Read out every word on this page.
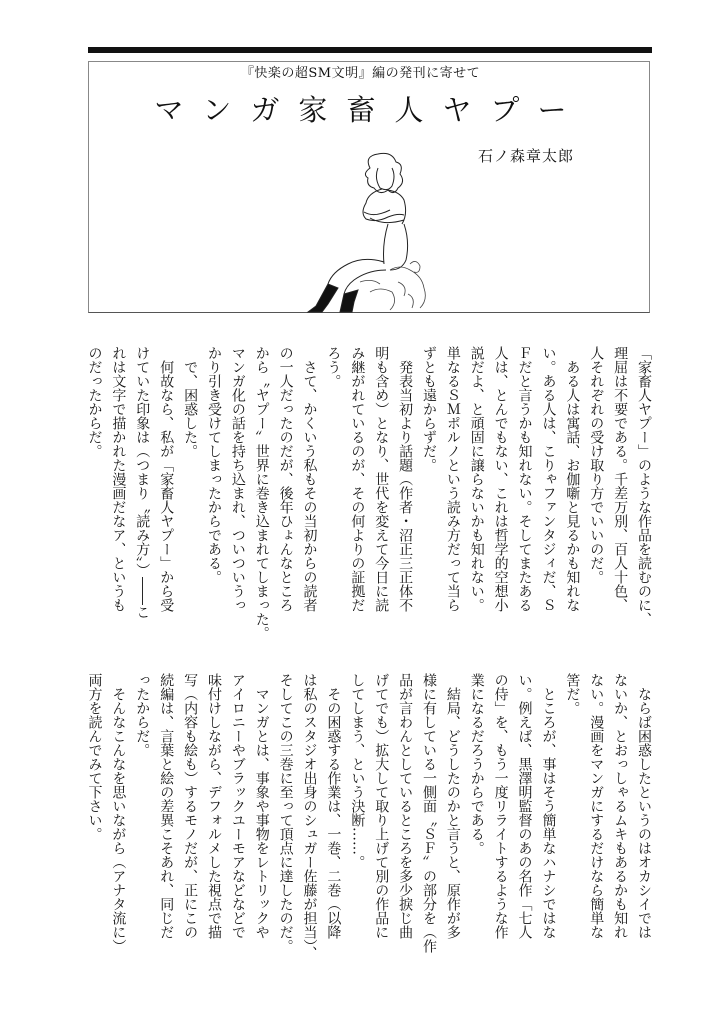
『快楽の超SM文明』編の発刊に寄せて
マンガ家畜人ヤプー
石ノ森章太郎
「家畜人ヤプー」のような作品を読むのに、
理屈は不要である。千差万別、百人十色、
人それぞれの受け取り方でいいのだ。
　ある人は寓話、お伽噺と見るかも知れな
い。ある人は、こりゃファンタジィだ、Ｓ
Ｆだと言うかも知れない。そしてまたある
人は、とんでもない、これは哲学的空想小
説だよ、と頑固に譲らないかも知れない。
単なるＳＭポルノという読み方だって当ら
ずとも遠からずだ。
　発表当初より話題（作者・沼正三正体不
明も含め）となり、世代を変えて今日に読
み継がれているのが、その何よりの証拠だ
ろう。
　さて、かくいう私もその当初からの読者
の一人だったのだが、後年ひょんなところ
から〝ヤプー〟世界に巻き込まれてしまった。
マンガ化の話を持ち込まれ、ついついうっ
かり引き受けてしまったからである。
　で、困惑した。
　何故なら、私が「家畜人ヤプー」から受
けていた印象は（つまり〝読み方〟）――こ
れは文字で描かれた漫画だなア、というも
のだったからだ。
　ならば困惑したというのはオカシイでは
ないか、とおっしゃるムキもあるかも知れ
ない。漫画をマンガにするだけなら簡単な
筈だ。
　ところが、事はそう簡単なハナシではな
い。例えば、黒澤明監督のあの名作「七人
の侍」を、もう一度リライトするような作
業になるだろうからである。
　結局、どうしたのかと言うと、原作が多
様に有している一側面〝ＳＦ〟の部分を（作
品が言わんとしているところを多少捩じ曲
げてでも）拡大して取り上げて別の作品に
してしまう、という決断……。
　その困惑する作業は、一巻、二巻（以降
は私のスタジオ出身のシュガー佐藤が担当）、
そしてこの三巻に至って頂点に達したのだ。
　マンガとは、事象や事物をレトリックや
アイロニーやブラックユーモアなどなどで
味付けしながら、デフォルメした視点で描
写（内容も絵も）するモノだが、正にこの
続編は、言葉と絵の差異こそあれ、同じだ
ったからだ。
　そんなこんなを思いながら（アナタ流に）
両方を読んでみて下さい。
